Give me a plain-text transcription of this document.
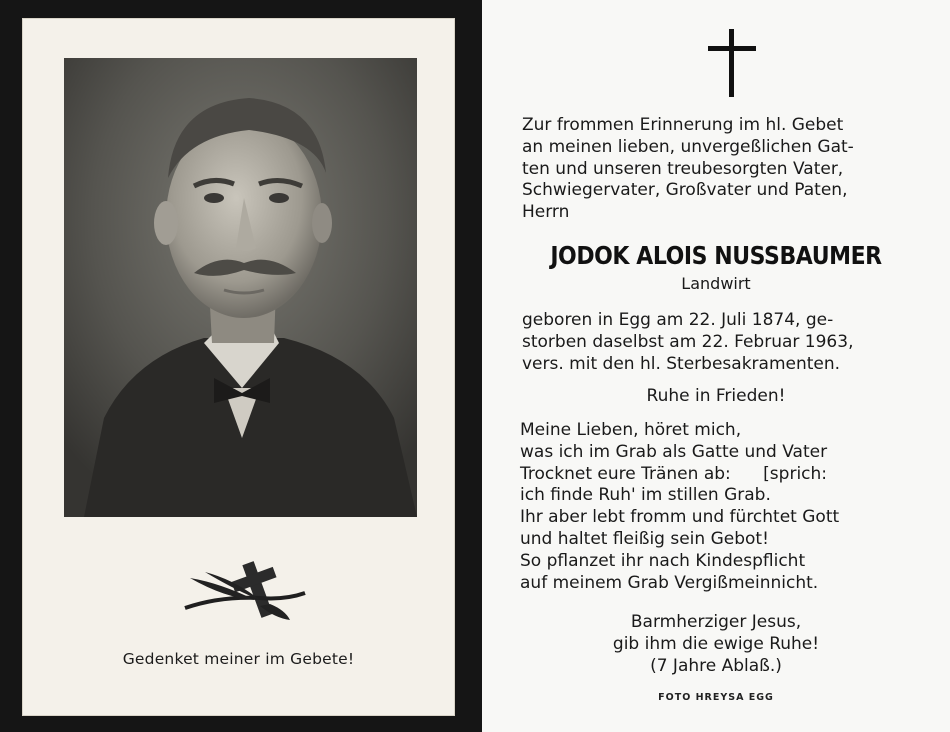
Gedenket meiner im Gebete!
Zur frommen Erinnerung im hl. Gebet
an meinen lieben, unvergeßlichen Gat-
ten und unseren treubesorgten Vater,
Schwiegervater, Großvater und Paten,
Herrn
JODOK ALOIS NUSSBAUMER
Landwirt
geboren in Egg am 22. Juli 1874, ge-
storben daselbst am 22. Februar 1963,
vers. mit den hl. Sterbesakramenten.
Ruhe in Frieden!
Meine Lieben, höret mich,
was ich im Grab als Gatte und Vater
Trocknet eure Tränen ab:      [sprich:
ich finde Ruh' im stillen Grab.
Ihr aber lebt fromm und fürchtet Gott
und haltet fleißig sein Gebot!
So pflanzet ihr nach Kindespflicht
auf meinem Grab Vergißmeinnicht.
Barmherziger Jesus,
gib ihm die ewige Ruhe!
(7 Jahre Ablaß.)
FOTO HREYSA EGG
